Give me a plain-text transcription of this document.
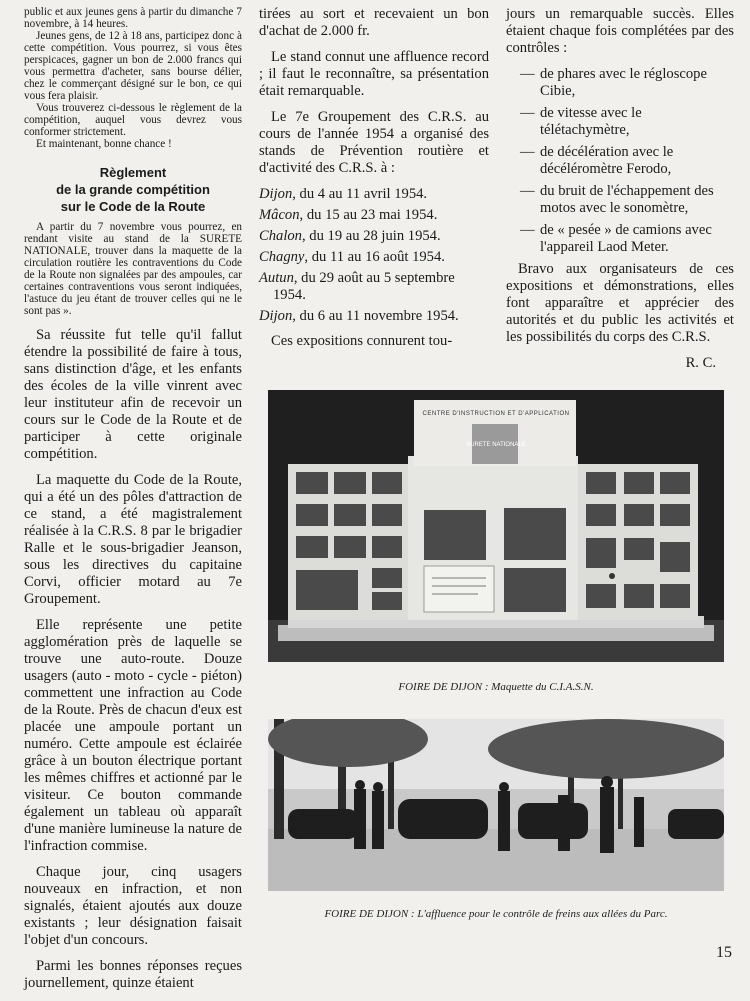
public et aux jeunes gens à partir du dimanche 7 novembre, à 14 heures.

Jeunes gens, de 12 à 18 ans, participez donc à cette compétition. Vous pourrez, si vous êtes perspicaces, gagner un bon de 2.000 francs qui vous permettra d'acheter, sans bourse délier, chez le commerçant désigné sur le bon, ce qui vous fera plaisir.

Vous trouverez ci-dessous le règlement de la compétition, auquel vous devrez vous conformer strictement.

Et maintenant, bonne chance !

Règlement
de la grande compétition
sur le Code de la Route

A partir du 7 novembre vous pourrez, en rendant visite au stand de la SURETE NATIONALE, trouver dans la maquette de la circulation routière les contraventions du Code de la Route non signalées par des ampoules, car certaines contraventions vous seront indiquées, l'astuce du jeu étant de trouver celles qui ne le sont pas ».

Sa réussite fut telle qu'il fallut étendre la possibilité de faire à tous, sans distinction d'âge, et les enfants des écoles de la ville vinrent avec leur instituteur afin de recevoir un cours sur le Code de la Route et de participer à cette originale compétition.

La maquette du Code de la Route, qui a été un des pôles d'attraction de ce stand, a été magistralement réalisée à la C.R.S. 8 par le brigadier Ralle et le sous-brigadier Jeanson, sous les directives du capitaine Corvi, officier motard au 7e Groupement.

Elle représente une petite agglomération près de laquelle se trouve une auto-route. Douze usagers (auto - moto - cycle - piéton) commettent une infraction au Code de la Route. Près de chacun d'eux est placée une ampoule portant un numéro. Cette ampoule est éclairée grâce à un bouton électrique portant les mêmes chiffres et actionné par le visiteur. Ce bouton commande également un tableau où apparaît d'une manière lumineuse la nature de l'infraction commise.

Chaque jour, cinq usagers nouveaux en infraction, et non signalés, étaient ajoutés aux douze existants ; leur désignation faisait l'objet d'un concours.

Parmi les bonnes réponses reçues journellement, quinze étaient

tirées au sort et recevaient un bon d'achat de 2.000 fr.

Le stand connut une affluence record ; il faut le reconnaître, sa présentation était remarquable.

Le 7e Groupement des C.R.S. au cours de l'année 1954 a organisé des stands de Prévention routière et d'activité des C.R.S. à :

Dijon, du 4 au 11 avril 1954.

Mâcon, du 15 au 23 mai 1954.

Chalon, du 19 au 28 juin 1954.

Chagny, du 11 au 16 août 1954.

Autun, du 29 août au 5 septembre 1954.

Dijon, du 6 au 11 novembre 1954.

Ces expositions connurent tou-

jours un remarquable succès. Elles étaient chaque fois complétées par des contrôles :

— de phares avec le régloscope Cibie,

— de vitesse avec le télétachymètre,

— de décélération avec le décéléromètre Ferodo,

— du bruit de l'échappement des motos avec le sonomètre,

— de « pesée » de camions avec l'appareil Laod Meter.

Bravo aux organisateurs de ces expositions et démonstrations, elles font apparaître et apprécier des autorités et du public les activités et les possibilités du corps des C.R.S.

R. C.

CENTRE D'INSTRUCTION ET D'APPLICATION
SURETE NATIONALE
FOIRE DE DIJON : Maquette du C.I.A.S.N.
FOIRE DE DIJON : L'affluence pour le contrôle de freins aux allées du Parc.
15
